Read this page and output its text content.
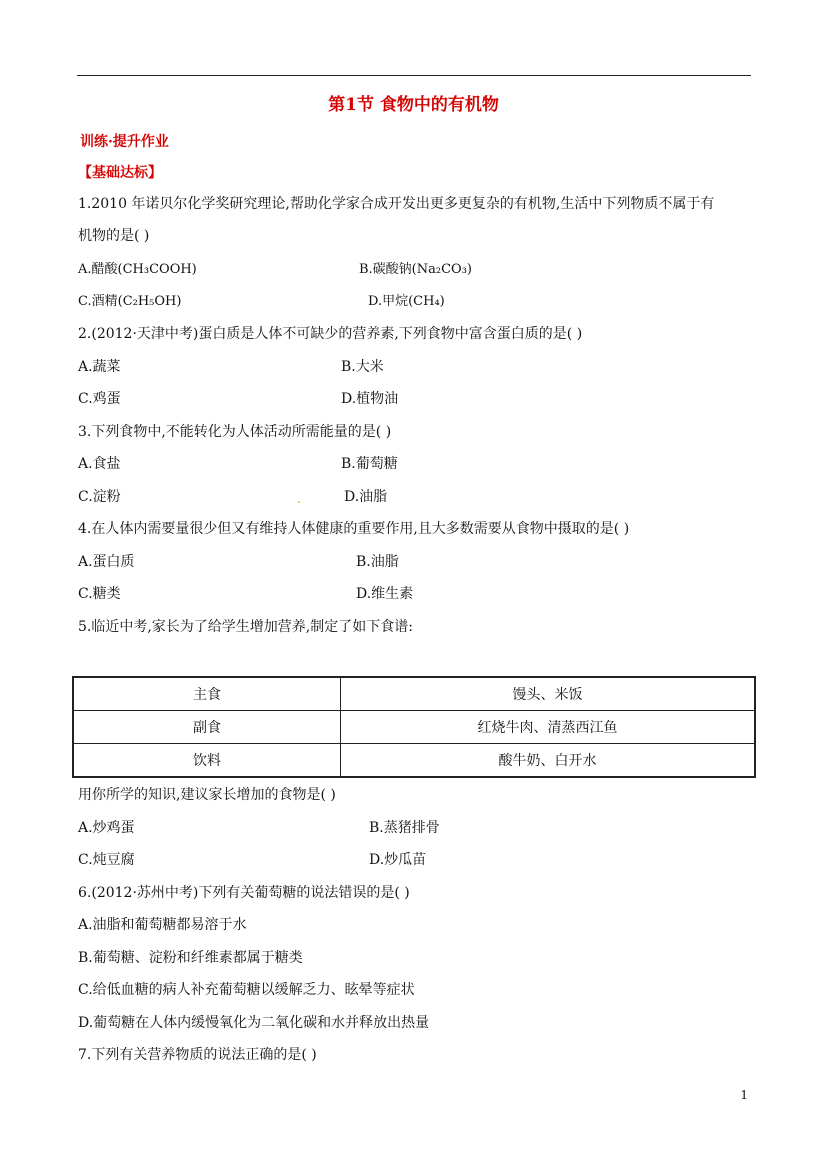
第1节 食物中的有机物
训练·提升作业
【基础达标】
1.2010 年诺贝尔化学奖研究理论,帮助化学家合成开发出更多更复杂的有机物,生活中下列物质不属于有
机物的是( )
A.醋酸(CH₃COOH)	B.碳酸钠(Na₂CO₃)
C.酒精(C₂H₅OH)	D.甲烷(CH₄)
2.(2012·天津中考)蛋白质是人体不可缺少的营养素,下列食物中富含蛋白质的是( )
A.蔬菜	B.大米
C.鸡蛋	D.植物油
3.下列食物中,不能转化为人体活动所需能量的是( )
A.食盐	B.葡萄糖
C.淀粉	.	D.油脂
4.在人体内需要量很少但又有维持人体健康的重要作用,且大多数需要从食物中摄取的是( )
A.蛋白质	B.油脂
C.糖类	D.维生素
5.临近中考,家长为了给学生增加营养,制定了如下食谱:
主食	馒头、米饭
副食	红烧牛肉、清蒸西江鱼
饮料	酸牛奶、白开水
用你所学的知识,建议家长增加的食物是( )
A.炒鸡蛋	B.蒸猪排骨
C.炖豆腐	D.炒瓜苗
6.(2012·苏州中考)下列有关葡萄糖的说法错误的是( )
A.油脂和葡萄糖都易溶于水
B.葡萄糖、淀粉和纤维素都属于糖类
C.给低血糖的病人补充葡萄糖以缓解乏力、眩晕等症状
D.葡萄糖在人体内缓慢氧化为二氧化碳和水并释放出热量
7.下列有关营养物质的说法正确的是( )
1
